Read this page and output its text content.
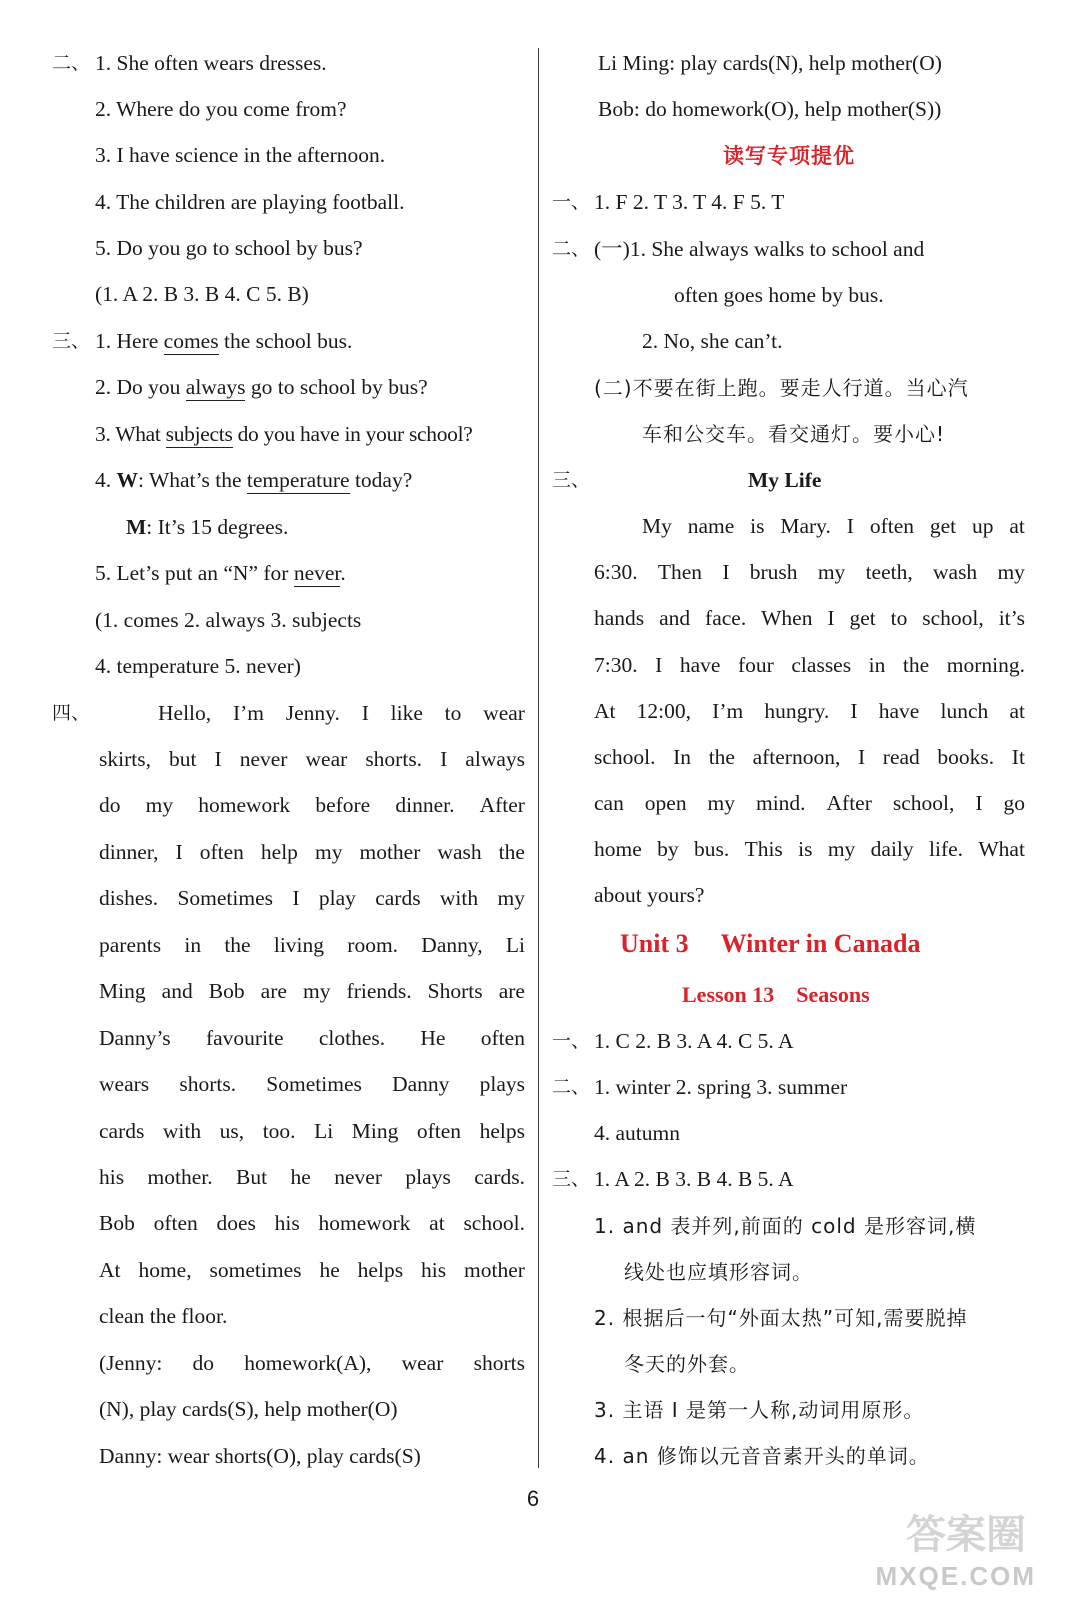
二、 1. She often wears dresses.
2. Where do you come from?
3. I have science in the afternoon.
4. The children are playing football.
5. Do you go to school by bus?
(1. A 2. B 3. B 4. C 5. B)
三、 1. Here comes the school bus.
2. Do you always go to school by bus?
3. What subjects do you have in your school?
4. W: What’s the temperature today?
M: It’s 15 degrees.
5. Let’s put an “N” for never.
(1. comes 2. always 3. subjects
4. temperature 5. never)
四、	Hello, I’m Jenny. I like to wear
skirts, but I never wear shorts. I always
do my homework before dinner. After
dinner, I often help my mother wash the
dishes. Sometimes I play cards with my
parents in the living room. Danny, Li
Ming and Bob are my friends. Shorts are
Danny’s favourite clothes. He often
wears shorts. Sometimes Danny plays
cards with us, too. Li Ming often helps
his mother. But he never plays cards.
Bob often does his homework at school.
At home, sometimes he helps his mother
clean the floor.
(Jenny: do homework(A), wear shorts
(N), play cards(S), help mother(O)
Danny: wear shorts(O), play cards(S)
Li Ming: play cards(N), help mother(O)
Bob: do homework(O), help mother(S))
读写专项提优
一、 1. F 2. T 3. T 4. F 5. T
二、 (一)1. She always walks to school and
often goes home by bus.
2. No, she can’t.
(二)不要在街上跑。要走人行道。当心汽
车和公交车。看交通灯。要小心!
三、	My Life
My name is Mary. I often get up at
6:30. Then I brush my teeth, wash my
hands and face. When I get to school, it’s
7:30. I have four classes in the morning.
At 12:00, I’m hungry. I have lunch at
school. In the afternoon, I read books. It
can open my mind. After school, I go
home by bus. This is my daily life. What
about yours?
Unit 3 Winter in Canada
Lesson 13 Seasons
一、 1. C 2. B 3. A 4. C 5. A
二、 1. winter 2. spring 3. summer
4. autumn
三、 1. A 2. B 3. B 4. B 5. A
1. and 表并列,前面的 cold 是形容词,横
线处也应填形容词。
2. 根据后一句“外面太热”可知,需要脱掉
冬天的外套。
3. 主语 I 是第一人称,动词用原形。
4. an 修饰以元音音素开头的单词。
6
答案圈
MXQE.COM
